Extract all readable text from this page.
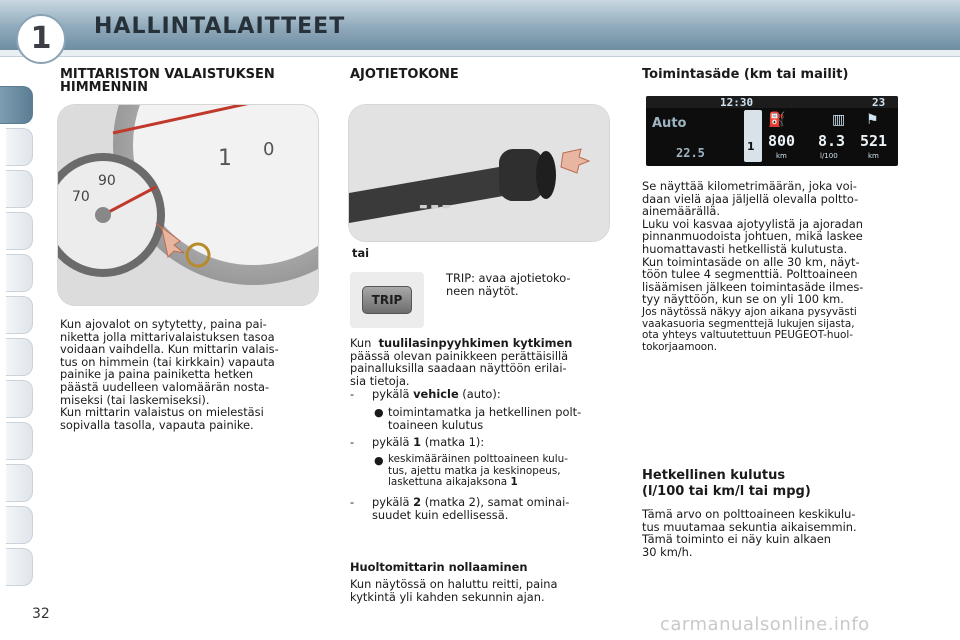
1	HALLINTALAITTEET
MITTARISTON VALAISTUKSEN
HIMMENNIN
1 0
90
70

Kun ajovalot on sytytetty, paina pai-

niketta jolla mittarivalaistuksen tasoa

voidaan vaihdella. Kun mittarin valais-

tus on himmein (tai kirkkain) vapauta

painike ja paina painiketta hetken

päästä uudelleen valomäärän nosta-

miseksi (tai laskemiseksi).

Kun mittarin valaistus on mielestäsi

sopivalla tasolla, vapauta painike.

AJOTIETOKONE
▬ ▬ ▬
tai
TRIP

TRIP: avaa ajotietoko-

neen näytöt.

Kun tuulilasinpyyhkimen kytkimen

päässä olevan painikkeen perättäisillä

painalluksilla saadaan näyttöön erilai-

sia tietoja.

- pykälä vehicle (auto):
● toimintamatka ja hetkellinen polt-

toaineen kulutus

- pykälä 1 (matka 1):
● keskimääräinen polttoaineen kulu-

tus, ajettu matka ja keskinopeus,

laskettuna aikajaksona 1

- pykälä 2 (matka 2), samat ominai-
suudet kuin edellisessä.
Huoltomittarin nollaaminen

Kun näytössä on haluttu reitti, paina

kytkintä yli kahden sekunnin ajan.

Toimintasäde (km tai mailit)
12:30	23
Auto
22.5	1
⛽	▥ ⚑
800
km
8.3
l/100
521
km

Se näyttää kilometrimäärän, joka voi-

daan vielä ajaa jäljellä olevalla poltto-

ainemäärällä.

Luku voi kasvaa ajotyylistä ja ajoradan

pinnanmuodoista johtuen, mikä laskee

huomattavasti hetkellistä kulutusta.

Kun toimintasäde on alle 30 km, näyt-

töön tulee 4 segmenttiä. Polttoaineen

lisäämisen jälkeen toimintasäde ilmes-

tyy näyttöön, kun se on yli 100 km.

Jos näytössä näkyy ajon aikana pysyvästi

vaakasuoria segmenttejä lukujen sijasta,

ota yhteys valtuutettuun PEUGEOT-huol-

tokorjaamoon.

Hetkellinen kulutus
(l/100 tai km/l tai mpg)

Tämä arvo on polttoaineen keskikulu-

tus muutamaa sekuntia aikaisemmin.

Tämä toiminto ei näy kuin alkaen

30 km/h.

32	carmanualsonline.info
